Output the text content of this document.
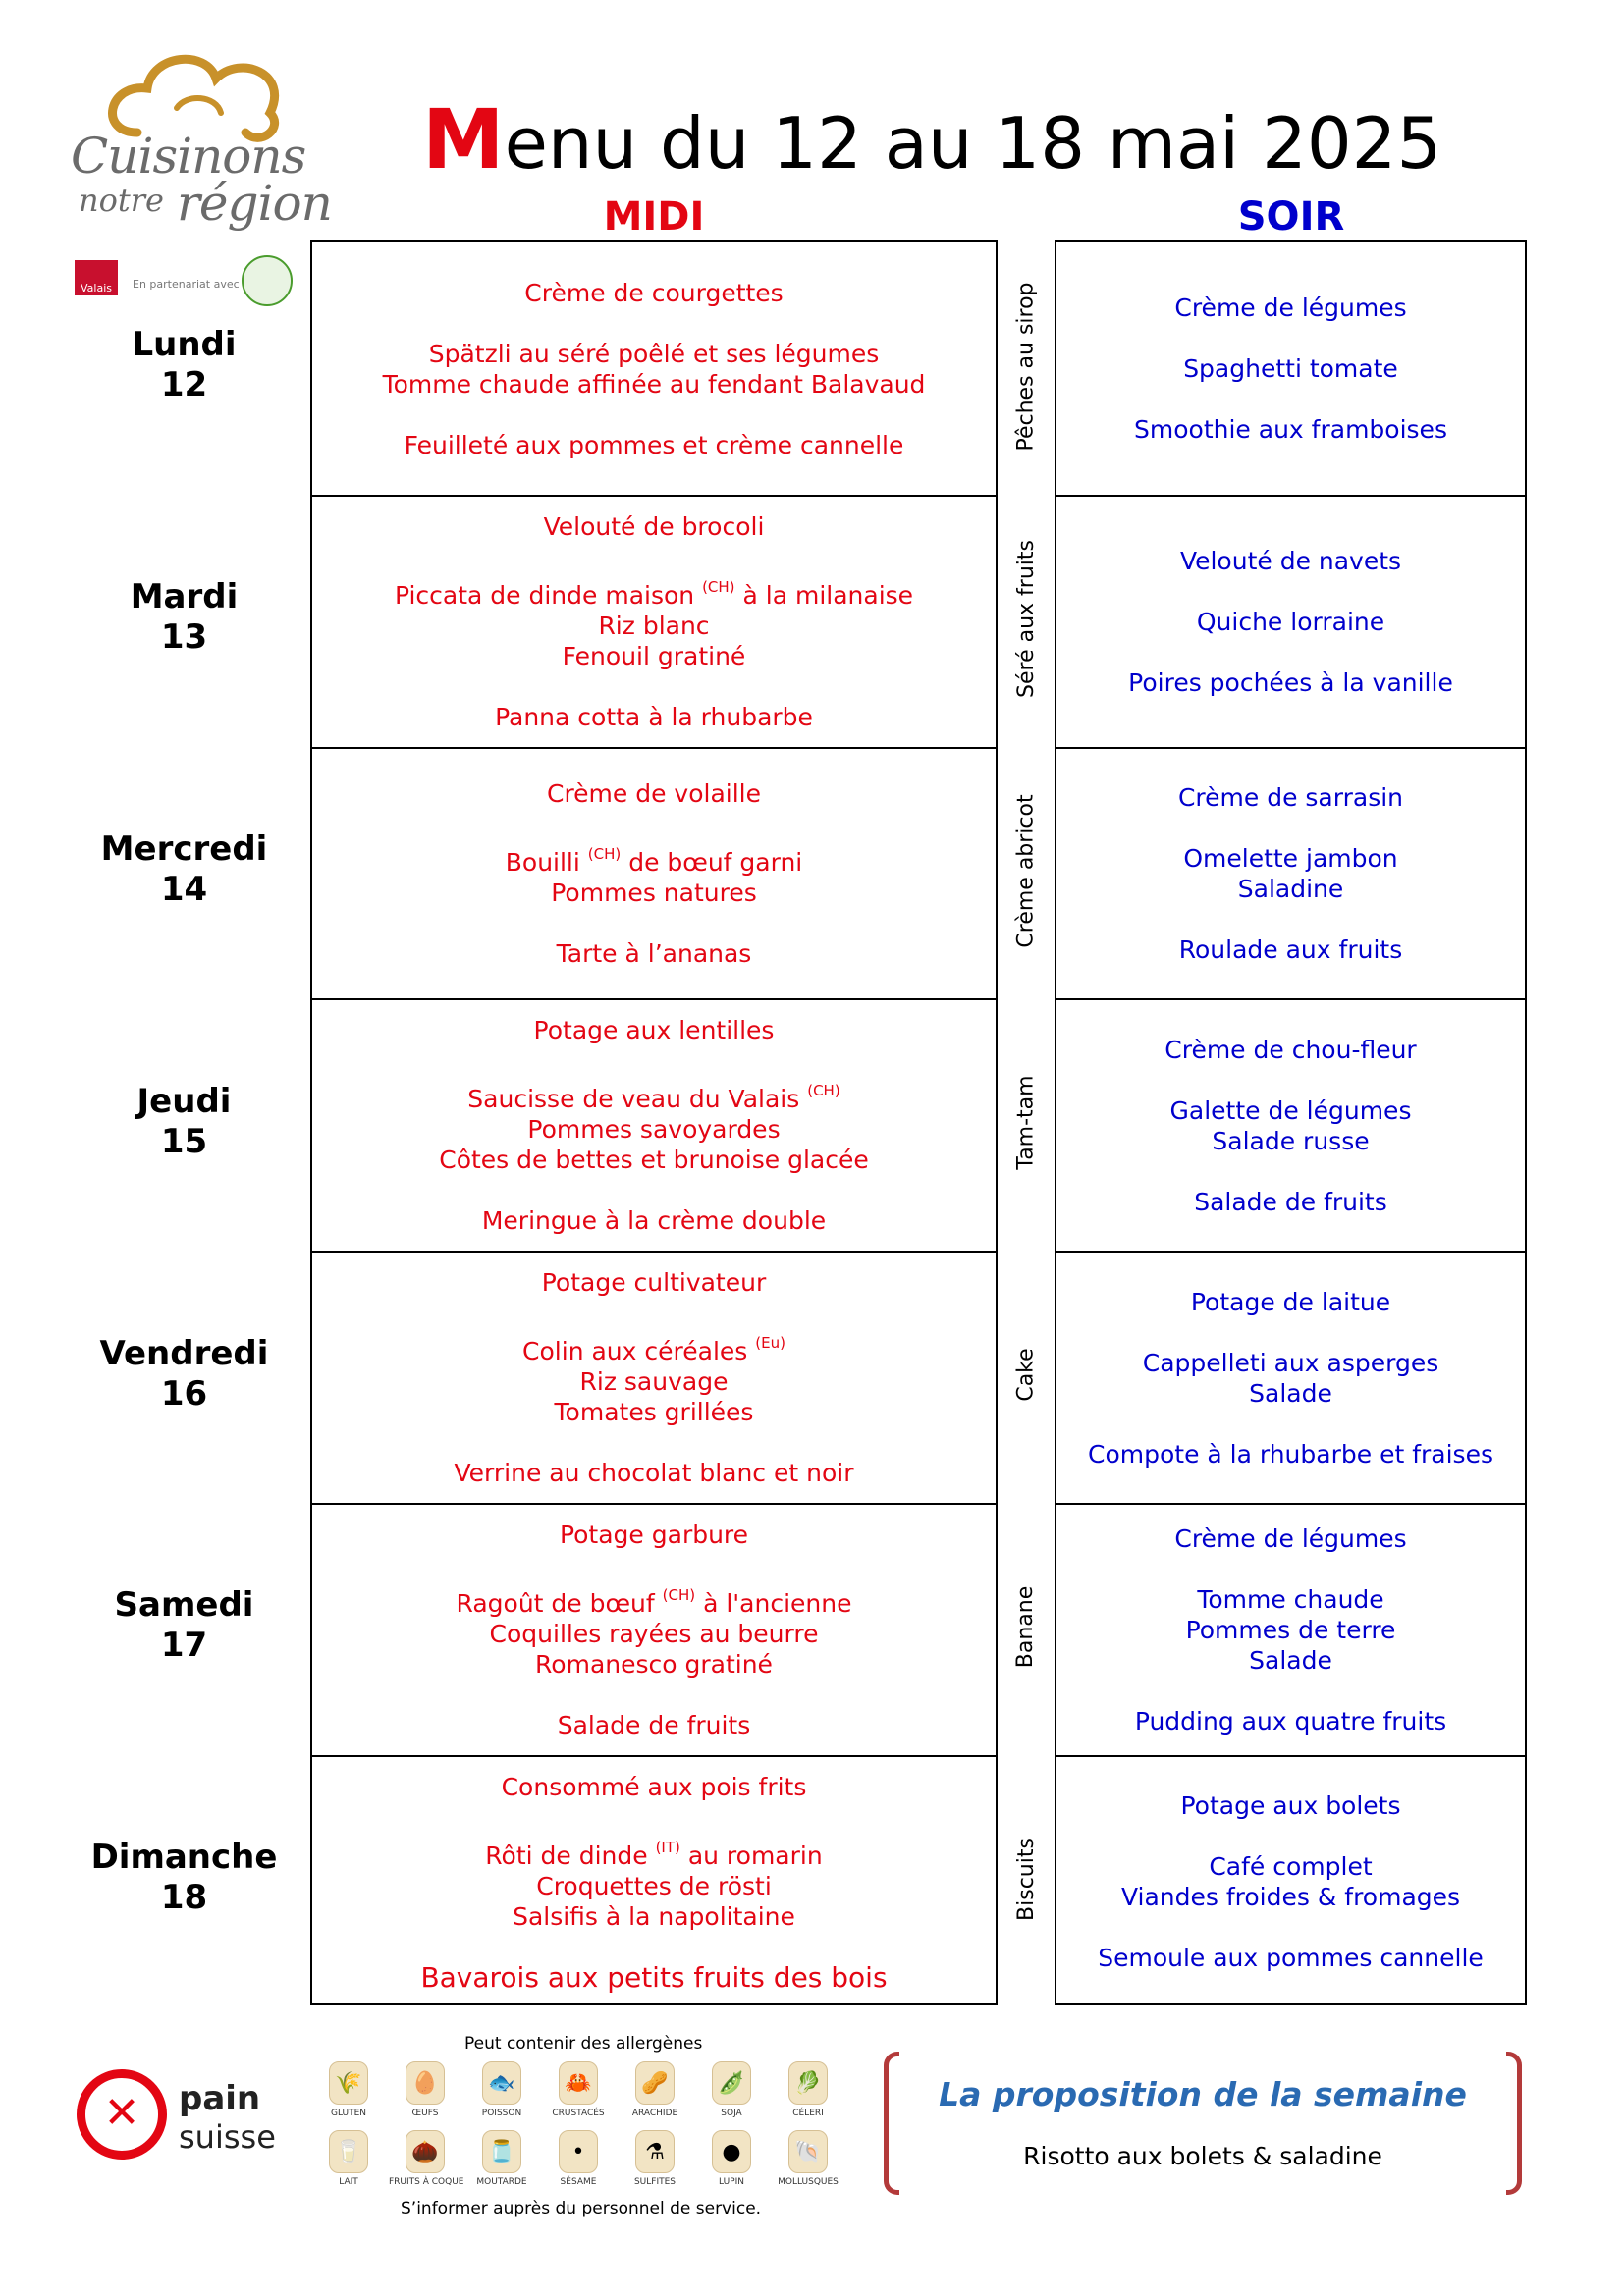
Cuisinons
notre région
Valais	En partenariat avec
Menu du 12 au 18 mai 2025
MIDI	SOIR
Crème de courgettes
Spätzli au séré poêlé et ses légumes
Tomme chaude affinée au fendant Balavaud
Feuilleté aux pommes et crème cannelle
Velouté de brocoli
Piccata de dinde maison $^{(CH)}$ à la milanaise
Riz blanc
Fenouil gratiné
Panna cotta à la rhubarbe
Crème de volaille
Bouilli $^{(CH)}$ de bœuf garni
Pommes natures
Tarte à l’ananas
Potage aux lentilles
Saucisse de veau du Valais $^{(CH)}$
Pommes savoyardes
Côtes de bettes et brunoise glacée
Meringue à la crème double
Potage cultivateur
Colin aux céréales $^{(Eu)}$
Riz sauvage
Tomates grillées
Verrine au chocolat blanc et noir
Potage garbure
Ragoût de bœuf $^{(CH)}$ à l'ancienne
Coquilles rayées au beurre
Romanesco gratiné
Salade de fruits
Consommé aux pois frits
Rôti de dinde $^{(IT)}$ au romarin
Croquettes de rösti
Salsifis à la napolitaine
Bavarois aux petits fruits des bois
Crème de légumes
Spaghetti tomate
Smoothie aux framboises
Velouté de navets
Quiche lorraine
Poires pochées à la vanille
Crème de sarrasin
Omelette jambon
Saladine
Roulade aux fruits
Crème de chou-fleur
Galette de légumes
Salade russe
Salade de fruits
Potage de laitue
Cappelleti aux asperges
Salade
Compote à la rhubarbe et fraises
Crème de légumes
Tomme chaude
Pommes de terre
Salade
Pudding aux quatre fruits
Potage aux bolets
Café complet
Viandes froides & fromages
Semoule aux pommes cannelle
Lundi
12
Mardi
13
Mercredi
14
Jeudi
15
Vendredi
16
Samedi
17
Dimanche
18
Pêches au sirop
Séré aux fruits
Crème abricot
Tam-tam
Cake
Banane
Biscuits
✕ pain
suisse
Peut contenir des allergènes
S’informer auprès du personnel de service.
🌾
GLUTEN
🥚
ŒUFS
🐟
POISSON
🦀
CRUSTACÉS
🥜
ARACHIDE
🫛
SOJA
🥬
CÉLERI
🥛
LAIT
🌰
FRUITS À COQUE
🫙
MOUTARDE
•
SÉSAME
⚗
SULFITES
●
LUPIN
🐚
MOLLUSQUES
La proposition de la semaine
Risotto aux bolets & saladine
